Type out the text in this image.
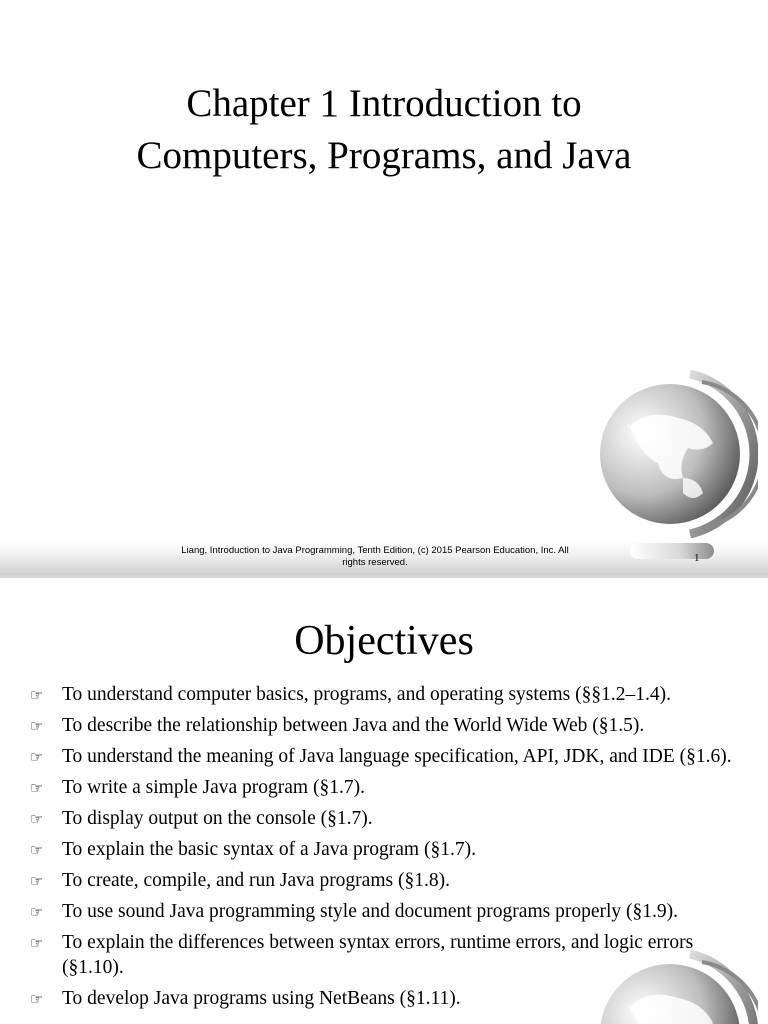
Chapter 1 Introduction to
Computers, Programs, and Java
Liang, Introduction to Java Programming, Tenth Edition, (c) 2015 Pearson Education, Inc. All
rights reserved.	1
Objectives
☞ To understand computer basics, programs, and operating systems (§§1.2–1.4).
☞ To describe the relationship between Java and the World Wide Web (§1.5).
☞ To understand the meaning of Java language specification, API, JDK, and IDE (§1.6).
☞ To write a simple Java program (§1.7).
☞ To display output on the console (§1.7).
☞ To explain the basic syntax of a Java program (§1.7).
☞ To create, compile, and run Java programs (§1.8).
☞ To use sound Java programming style and document programs properly (§1.9).
☞ To explain the differences between syntax errors, runtime errors, and logic errors (§1.10).
☞ To develop Java programs using NetBeans (§1.11).
